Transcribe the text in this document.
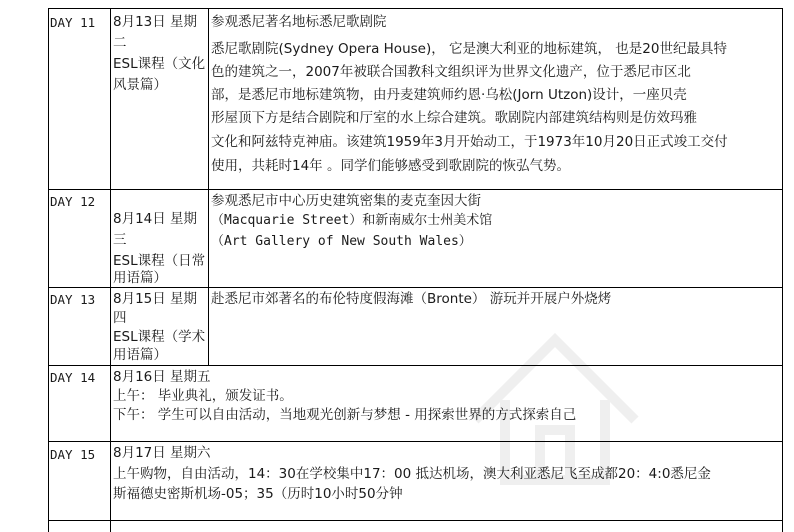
DAY 11 8月13日 星期
二
ESL课程（文化
风景篇）
参观悉尼著名地标悉尼歌剧院
悉尼歌剧院(Sydney Opera House)， 它是澳大利亚的地标建筑， 也是20世纪最具特
色的建筑之一，2007年被联合国教科文组织评为世界文化遗产，位于悉尼市区北
部，是悉尼市地标建筑物，由丹麦建筑师约恩·乌松(Jorn Utzon)设计，一座贝壳
形屋顶下方是结合剧院和厅室的水上综合建筑。歌剧院内部建筑结构则是仿效玛雅
文化和阿兹特克神庙。该建筑1959年3月开始动工，于1973年10月20日正式竣工交付
使用，共耗时14年 。同学们能够感受到歌剧院的恢弘气势。
DAY 12
8月14日 星期
三
ESL课程（日常
用语篇）
参观悉尼市中心历史建筑密集的麦克奎因大街
（Macquarie Street）和新南威尔士州美术馆
（Art Gallery of New South Wales）
DAY 13 8月15日 星期
四
ESL课程（学术
用语篇）
赴悉尼市郊著名的布伦特度假海滩（Bronte） 游玩并开展户外烧烤
DAY 14 8月16日 星期五
上午： 毕业典礼，颁发证书。
下午： 学生可以自由活动，当地观光创新与梦想 - 用探索世界的方式探索自己
DAY 15 8月17日 星期六
上午购物，自由活动，14：30在学校集中17：00 抵达机场，澳大利亚悉尼飞至成都20：4:0悉尼金
斯福德史密斯机场-05；35（历时10小时50分钟
